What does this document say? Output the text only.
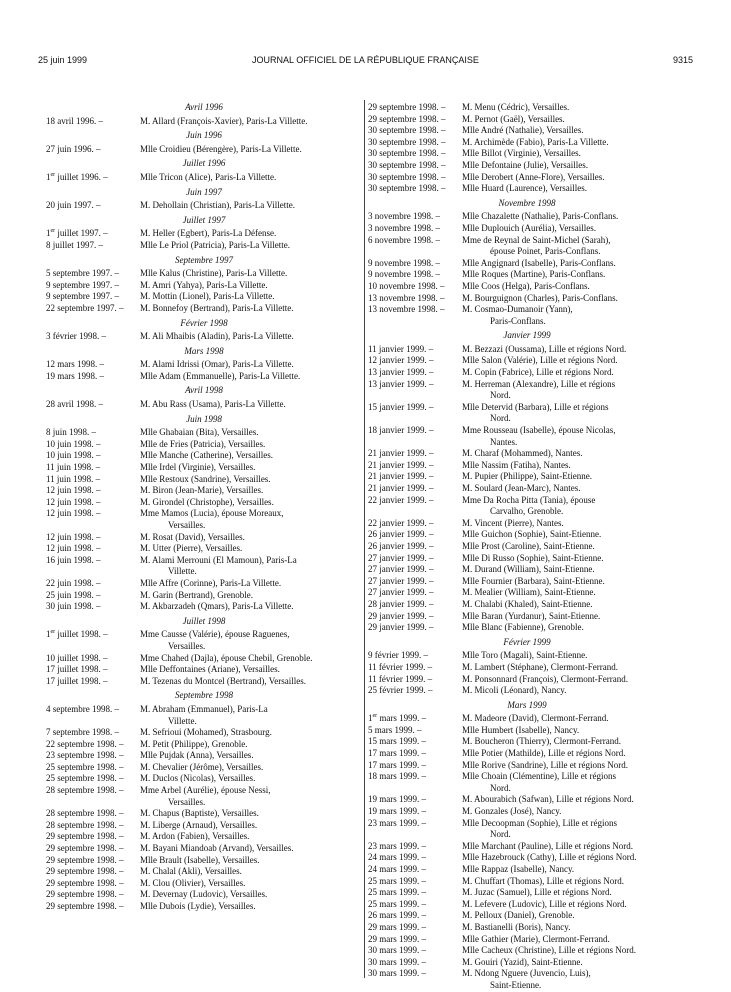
25 juin 1999	JOURNAL OFFICIEL DE LA RÉPUBLIQUE FRANÇAISE	9315
Avril 1996
18 avril 1996. –	M. Allard (François-Xavier), Paris-La Villette.
Juin 1996
27 juin 1996. –	Mlle Croidieu (Bérengère), Paris-La Villette.
Juillet 1996
1er juillet 1996. –	Mlle Tricon (Alice), Paris-La Villette.
Juin 1997
20 juin 1997. –	M. Dehollain (Christian), Paris-La Villette.
Juillet 1997
1er juillet 1997. –	M. Heller (Egbert), Paris-La Défense.
8 juillet 1997. –	Mlle Le Priol (Patricia), Paris-La Villette.
Septembre 1997
5 septembre 1997. –	Mlle Kalus (Christine), Paris-La Villette.
9 septembre 1997. –	M. Amri (Yahya), Paris-La Villette.
9 septembre 1997. –	M. Mottin (Lionel), Paris-La Villette.
22 septembre 1997. –	M. Bonnefoy (Bertrand), Paris-La Villette.
Février 1998
3 février 1998. –	M. Ali Mhaibis (Aladin), Paris-La Villette.
Mars 1998
12 mars 1998. –	M. Alami Idrissi (Omar), Paris-La Villette.
19 mars 1998. –	Mlle Adam (Emmanuelle), Paris-La Villette.
Avril 1998
28 avril 1998. –	M. Abu Rass (Usama), Paris-La Villette.
Juin 1998
8 juin 1998. –	Mlle Ghabaian (Bita), Versailles.
10 juin 1998. –	Mlle de Fries (Patricia), Versailles.
10 juin 1998. –	Mlle Manche (Catherine), Versailles.
11 juin 1998. –	Mlle Irdel (Virginie), Versailles.
11 juin 1998. –	Mlle Restoux (Sandrine), Versailles.
12 juin 1998. –	M. Biron (Jean-Marie), Versailles.
12 juin 1998. –	M. Girondel (Christophe), Versailles.
12 juin 1998. –	Mme Mamos (Lucia), épouse Moreaux,
Versailles.
12 juin 1998. –	M. Rosat (David), Versailles.
12 juin 1998. –	M. Utter (Pierre), Versailles.
16 juin 1998. –	M. Alami Merrouni (El Mamoun), Paris-La
Villette.
22 juin 1998. –	Mlle Affre (Corinne), Paris-La Villette.
25 juin 1998. –	M. Garin (Bertrand), Grenoble.
30 juin 1998. –	M. Akbarzadeh (Qmars), Paris-La Villette.
Juillet 1998
1er juillet 1998. –	Mme Causse (Valérie), épouse Raguenes,
Versailles.
10 juillet 1998. –	Mme Chahed (Dajla), épouse Chebil, Grenoble.
17 juillet 1998. –	Mlle Deffontaines (Ariane), Versailles.
17 juillet 1998. –	M. Tezenas du Montcel (Bertrand), Versailles.
Septembre 1998
4 septembre 1998. –	M. Abraham (Emmanuel), Paris-La
Villette.
7 septembre 1998. –	M. Sefrioui (Mohamed), Strasbourg.
22 septembre 1998. –	M. Petit (Philippe), Grenoble.
23 septembre 1998. –	Mlle Pujdak (Anna), Versailles.
25 septembre 1998. –	M. Chevalier (Jérôme), Versailles.
25 septembre 1998. –	M. Duclos (Nicolas), Versailles.
28 septembre 1998. –	Mme Arbel (Aurélie), épouse Nessi,
Versailles.
28 septembre 1998. –	M. Chapus (Baptiste), Versailles.
28 septembre 1998. –	M. Liberge (Arnaud), Versailles.
29 septembre 1998. –	M. Ardon (Fabien), Versailles.
29 septembre 1998. –	M. Bayani Miandoab (Arvand), Versailles.
29 septembre 1998. –	Mlle Brault (Isabelle), Versailles.
29 septembre 1998. –	M. Chalal (Akli), Versailles.
29 septembre 1998. –	M. Clou (Olivier), Versailles.
29 septembre 1998. –	M. Devernay (Ludovic), Versailles.
29 septembre 1998. –	Mlle Dubois (Lydie), Versailles.
29 septembre 1998. –	M. Menu (Cédric), Versailles.
29 septembre 1998. –	M. Pernot (Gaël), Versailles.
30 septembre 1998. –	Mlle André (Nathalie), Versailles.
30 septembre 1998. –	M. Archimède (Fabio), Paris-La Villette.
30 septembre 1998. –	Mlle Billot (Virginie), Versailles.
30 septembre 1998. –	Mlle Defontaine (Julie), Versailles.
30 septembre 1998. –	Mlle Derobert (Anne-Flore), Versailles.
30 septembre 1998. –	Mlle Huard (Laurence), Versailles.
Novembre 1998
3 novembre 1998. –	Mlle Chazalette (Nathalie), Paris-Conflans.
3 novembre 1998. –	Mlle Duplouich (Aurélia), Versailles.
6 novembre 1998. –	Mme de Reynal de Saint-Michel (Sarah),
épouse Poinet, Paris-Conflans.
9 novembre 1998. –	Mlle Angignard (Isabelle), Paris-Conflans.
9 novembre 1998. –	Mlle Roques (Martine), Paris-Conflans.
10 novembre 1998. –	Mlle Coos (Helga), Paris-Conflans.
13 novembre 1998. –	M. Bourguignon (Charles), Paris-Conflans.
13 novembre 1998. –	M. Cosmao-Dumanoir (Yann),
Paris-Conflans.
Janvier 1999
11 janvier 1999. –	M. Bezzazi (Oussama), Lille et régions Nord.
12 janvier 1999. –	Mlle Salon (Valérie), Lille et régions Nord.
13 janvier 1999. –	M. Copin (Fabrice), Lille et régions Nord.
13 janvier 1999. –	M. Herreman (Alexandre), Lille et régions
Nord.
15 janvier 1999. –	Mlle Detervid (Barbara), Lille et régions
Nord.
18 janvier 1999. –	Mme Rousseau (Isabelle), épouse Nicolas,
Nantes.
21 janvier 1999. –	M. Charaf (Mohammed), Nantes.
21 janvier 1999. –	Mlle Nassim (Fatiha), Nantes.
21 janvier 1999. –	M. Pupier (Philippe), Saint-Etienne.
21 janvier 1999. –	M. Soulard (Jean-Marc), Nantes.
22 janvier 1999. –	Mme Da Rocha Pitta (Tania), épouse
Carvalho, Grenoble.
22 janvier 1999. –	M. Vincent (Pierre), Nantes.
26 janvier 1999. –	Mlle Guichon (Sophie), Saint-Etienne.
26 janvier 1999. –	Mlle Prost (Caroline), Saint-Etienne.
27 janvier 1999. –	Mlle Di Russo (Sophie), Saint-Etienne.
27 janvier 1999. –	M. Durand (William), Saint-Etienne.
27 janvier 1999. –	Mlle Fournier (Barbara), Saint-Etienne.
27 janvier 1999. –	M. Mealier (William), Saint-Etienne.
28 janvier 1999. –	M. Chalabi (Khaled), Saint-Etienne.
29 janvier 1999. –	Mlle Baran (Yurdanur), Saint-Etienne.
29 janvier 1999. –	Mlle Blanc (Fabienne), Grenoble.
Février 1999
9 février 1999. –	Mlle Toro (Magali), Saint-Etienne.
11 février 1999. –	M. Lambert (Stéphane), Clermont-Ferrand.
11 février 1999. –	M. Ponsonnard (François), Clermont-Ferrand.
25 février 1999. –	M. Micoli (Léonard), Nancy.
Mars 1999
1er mars 1999. –	M. Madeore (David), Clermont-Ferrand.
5 mars 1999. –	Mlle Humbert (Isabelle), Nancy.
15 mars 1999. –	M. Boucheron (Thierry), Clermont-Ferrand.
17 mars 1999. –	Mlle Potier (Mathilde), Lille et régions Nord.
17 mars 1999. –	Mlle Rorive (Sandrine), Lille et régions Nord.
18 mars 1999. –	Mlle Choain (Clémentine), Lille et régions
Nord.
19 mars 1999. –	M. Abourabich (Safwan), Lille et régions Nord.
19 mars 1999. –	M. Gonzales (José), Nancy.
23 mars 1999. –	Mlle Decoopman (Sophie), Lille et régions
Nord.
23 mars 1999. –	Mlle Marchant (Pauline), Lille et régions Nord.
24 mars 1999. –	Mlle Hazebrouck (Cathy), Lille et régions Nord.
24 mars 1999. –	Mlle Rappaz (Isabelle), Nancy.
25 mars 1999. –	M. Chuffart (Thomas), Lille et régions Nord.
25 mars 1999. –	M. Juzac (Samuel), Lille et régions Nord.
25 mars 1999. –	M. Lefevere (Ludovic), Lille et régions Nord.
26 mars 1999. –	M. Pelloux (Daniel), Grenoble.
29 mars 1999. –	M. Bastianelli (Boris), Nancy.
29 mars 1999. –	Mlle Gathier (Marie), Clermont-Ferrand.
30 mars 1999. –	Mlle Cacheux (Christine), Lille et régions Nord.
30 mars 1999. –	M. Gouiri (Yazid), Saint-Etienne.
30 mars 1999. –	M. Ndong Nguere (Juvencio, Luis),
Saint-Etienne.
